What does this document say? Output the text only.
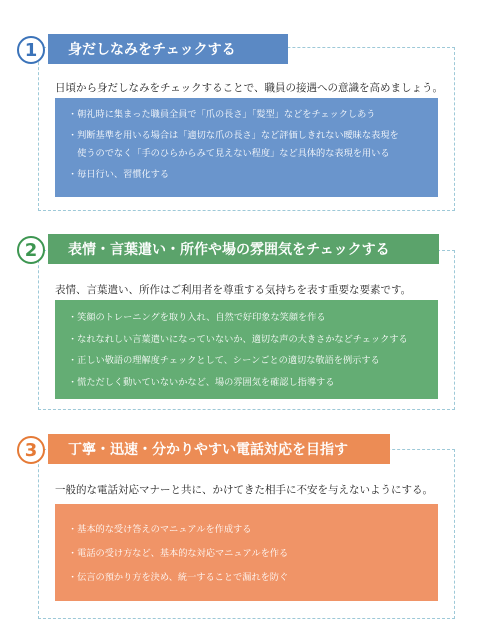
身だしなみをチェックする
1
日頃から身だしなみをチェックすることで、職員の接遇への意識を高めましょう。
・朝礼時に集まった職員全員で「爪の長さ」「髪型」などをチェックしあう
・判断基準を用いる場合は「適切な爪の長さ」など評価しきれない曖昧な表現を
　使うのでなく「手のひらからみて見えない程度」など具体的な表現を用いる
・毎日行い、習慣化する
表情・言葉遣い・所作や場の雰囲気をチェックする
2
表情、言葉遣い、所作はご利用者を尊重する気持ちを表す重要な要素です。
・笑顔のトレーニングを取り入れ、自然で好印象な笑顔を作る
・なれなれしい言葉遣いになっていないか、適切な声の大きさかなどチェックする
・正しい敬語の理解度チェックとして、シーンごとの適切な敬語を例示する
・慌ただしく動いていないかなど、場の雰囲気を確認し指導する
丁寧・迅速・分かりやすい電話対応を目指す
3
一般的な電話対応マナーと共に、かけてきた相手に不安を与えないようにする。
・基本的な受け答えのマニュアルを作成する
・電話の受け方など、基本的な対応マニュアルを作る
・伝言の預かり方を決め、統一することで漏れを防ぐ
